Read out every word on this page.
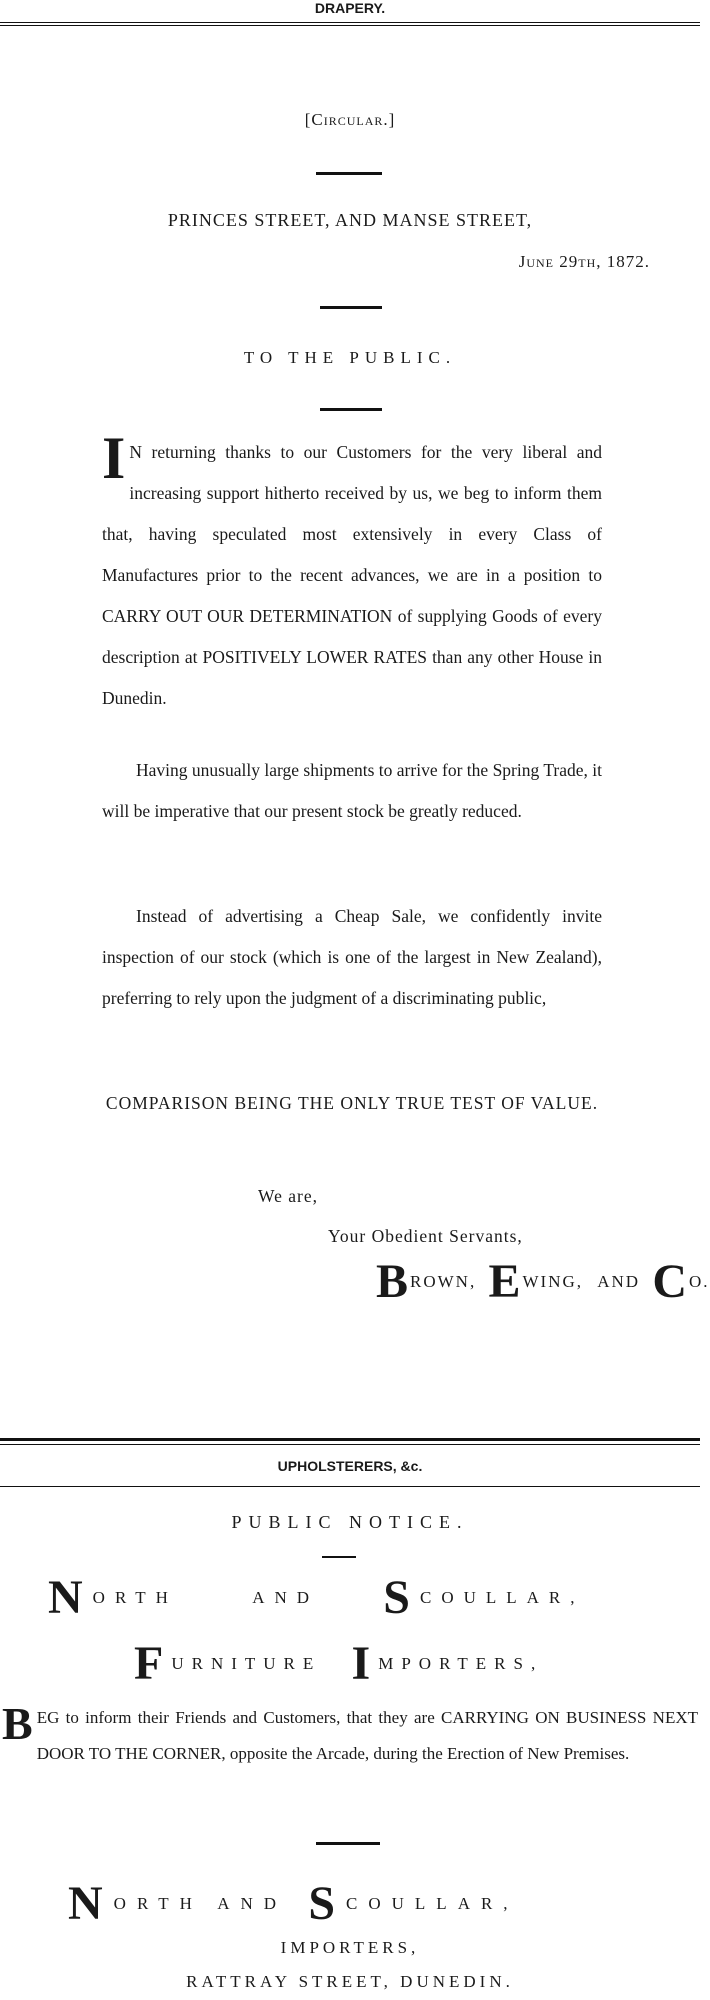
DRAPERY.
[Circular.]
PRINCES STREET, AND MANSE STREET,
June 29th, 1872.
TO THE PUBLIC.
I N returning thanks to our Customers for the very liberal and increasing support hitherto received by us, we beg to inform them that, having speculated most extensively in every Class of Manufactures prior to the recent advances, we are in a position to CARRY OUT OUR DETERMINATION of supplying Goods of every description at POSITIVELY LOWER RATES than any other House in Dunedin.
Having unusually large shipments to arrive for the Spring Trade, it will be imperative that our present stock be greatly reduced.
Instead of advertising a Cheap Sale, we confidently invite inspection of our stock (which is one of the largest in New Zealand), preferring to rely upon the judgment of a discriminating public,
COMPARISON BEING THE ONLY TRUE TEST OF VALUE.
We are,
Your Obedient Servants,
BROWN, EWING, AND CO.
UPHOLSTERERS, &c.
PUBLIC NOTICE.
NORTH	AND SCOULLAR,
FURNITURE IMPORTERS,
BEG to inform their Friends and Customers, that they are CARRYING ON BUSINESS NEXT DOOR TO THE CORNER, opposite the Arcade, during the Erection of New Premises.
NORTH AND SCOULLAR,
IMPORTERS,
RATTRAY STREET, DUNEDIN.
